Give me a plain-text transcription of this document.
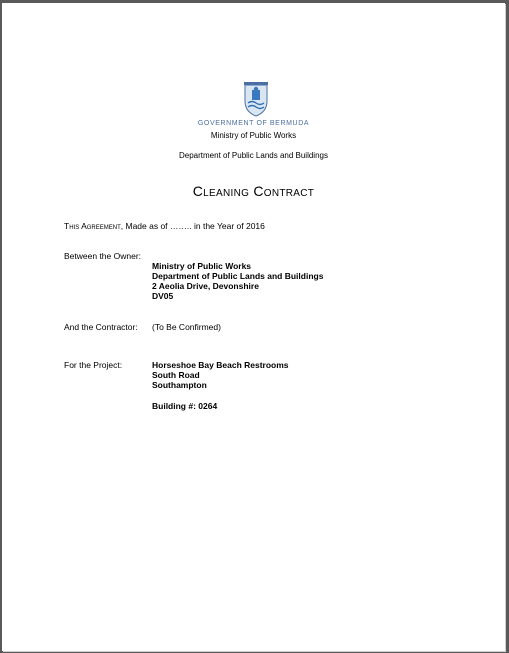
GOVERNMENT OF BERMUDA
Ministry of Public Works
Department of Public Lands and Buildings
Cleaning Contract
This Agreement, Made as of …….. in the Year of 2016
Between the Owner:
Ministry of Public Works
Department of Public Lands and Buildings
2 Aeolia Drive, Devonshire
DV05
And the Contractor: (To Be Confirmed)
For the Project:	Horseshoe Bay Beach Restrooms
South Road
Southampton
Building #: 0264
